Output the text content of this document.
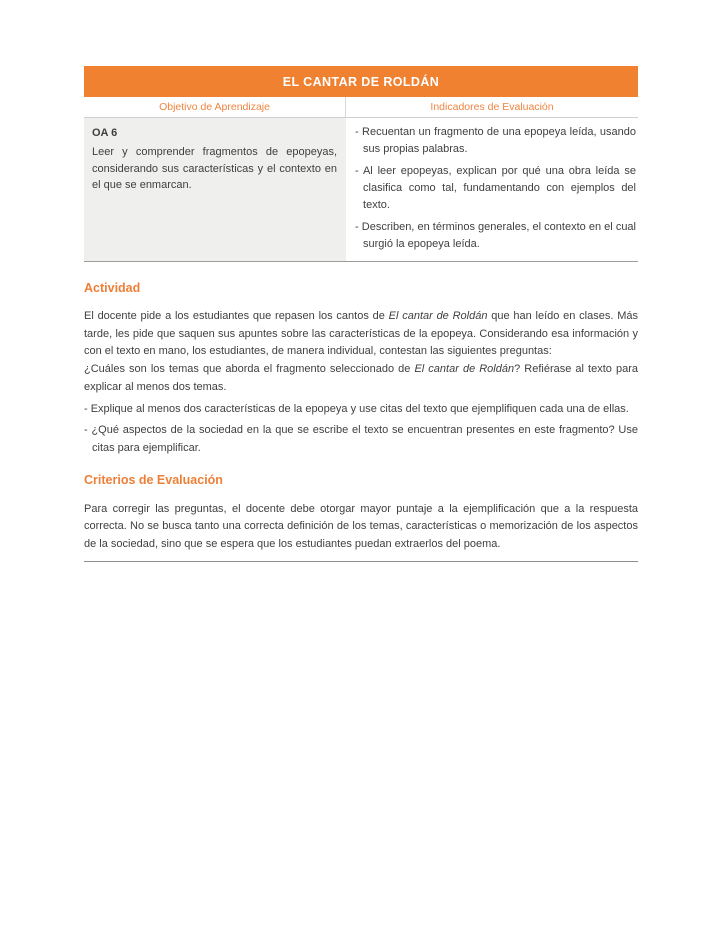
EL CANTAR DE ROLDÁN
Objetivo de Aprendizaje	Indicadores de Evaluación
OA 6
Leer y comprender fragmentos de epopeyas, considerando sus características y el contexto en el que se enmarcan.
- Recuentan un fragmento de una epopeya leída, usando sus propias palabras.
- Al leer epopeyas, explican por qué una obra leída se clasifica como tal, fundamentando con ejemplos del texto.
- Describen, en términos generales, el contexto en el cual surgió la epopeya leída.
Actividad
El docente pide a los estudiantes que repasen los cantos de El cantar de Roldán que han leído en clases. Más tarde, les pide que saquen sus apuntes sobre las características de la epopeya. Considerando esa información y con el texto en mano, los estudiantes, de manera individual, contestan las siguientes preguntas:
¿Cuáles son los temas que aborda el fragmento seleccionado de El cantar de Roldán? Refiérase al texto para explicar al menos dos temas.
- Explique al menos dos características de la epopeya y use citas del texto que ejemplifiquen cada una de ellas.
- ¿Qué aspectos de la sociedad en la que se escribe el texto se encuentran presentes en este fragmento? Use citas para ejemplificar.
Criterios de Evaluación
Para corregir las preguntas, el docente debe otorgar mayor puntaje a la ejemplificación que a la respuesta correcta. No se busca tanto una correcta definición de los temas, características o memorización de los aspectos de la sociedad, sino que se espera que los estudiantes puedan extraerlos del poema.
